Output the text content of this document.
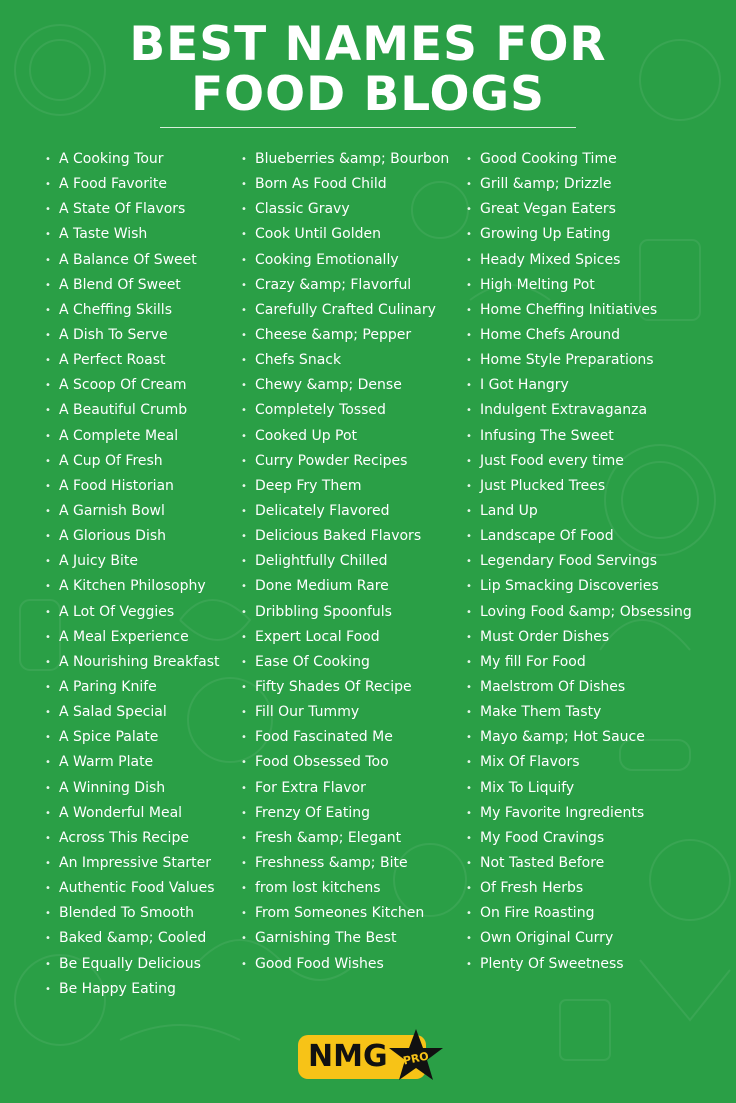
BEST NAMES FOR
FOOD BLOGS
• A Cooking Tour
• A Food Favorite
• A State Of Flavors
• A Taste Wish
• A Balance Of Sweet
• A Blend Of Sweet
• A Cheffing Skills
• A Dish To Serve
• A Perfect Roast
• A Scoop Of Cream
• A Beautiful Crumb
• A Complete Meal
• A Cup Of Fresh
• A Food Historian
• A Garnish Bowl
• A Glorious Dish
• A Juicy Bite
• A Kitchen Philosophy
• A Lot Of Veggies
• A Meal Experience
• A Nourishing Breakfast
• A Paring Knife
• A Salad Special
• A Spice Palate
• A Warm Plate
• A Winning Dish
• A Wonderful Meal
• Across This Recipe
• An Impressive Starter
• Authentic Food Values
• Blended To Smooth
• Baked &amp; Cooled
• Be Equally Delicious
• Be Happy Eating
• Blueberries &amp; Bourbon
• Born As Food Child
• Classic Gravy
• Cook Until Golden
• Cooking Emotionally
• Crazy &amp; Flavorful
• Carefully Crafted Culinary
• Cheese &amp; Pepper
• Chefs Snack
• Chewy &amp; Dense
• Completely Tossed
• Cooked Up Pot
• Curry Powder Recipes
• Deep Fry Them
• Delicately Flavored
• Delicious Baked Flavors
• Delightfully Chilled
• Done Medium Rare
• Dribbling Spoonfuls
• Expert Local Food
• Ease Of Cooking
• Fifty Shades Of Recipe
• Fill Our Tummy
• Food Fascinated Me
• Food Obsessed Too
• For Extra Flavor
• Frenzy Of Eating
• Fresh &amp; Elegant
• Freshness &amp; Bite
• from lost kitchens
• From Someones Kitchen
• Garnishing The Best
• Good Food Wishes
• Good Cooking Time
• Grill &amp; Drizzle
• Great Vegan Eaters
• Growing Up Eating
• Heady Mixed Spices
• High Melting Pot
• Home Cheffing Initiatives
• Home Chefs Around
• Home Style Preparations
• I Got Hangry
• Indulgent Extravaganza
• Infusing The Sweet
• Just Food every time
• Just Plucked Trees
• Land Up
• Landscape Of Food
• Legendary Food Servings
• Lip Smacking Discoveries
• Loving Food &amp; Obsessing
• Must Order Dishes
• My fill For Food
• Maelstrom Of Dishes
• Make Them Tasty
• Mayo &amp; Hot Sauce
• Mix Of Flavors
• Mix To Liquify
• My Favorite Ingredients
• My Food Cravings
• Not Tasted Before
• Of Fresh Herbs
• On Fire Roasting
• Own Original Curry
• Plenty Of Sweetness
NMG PRO
